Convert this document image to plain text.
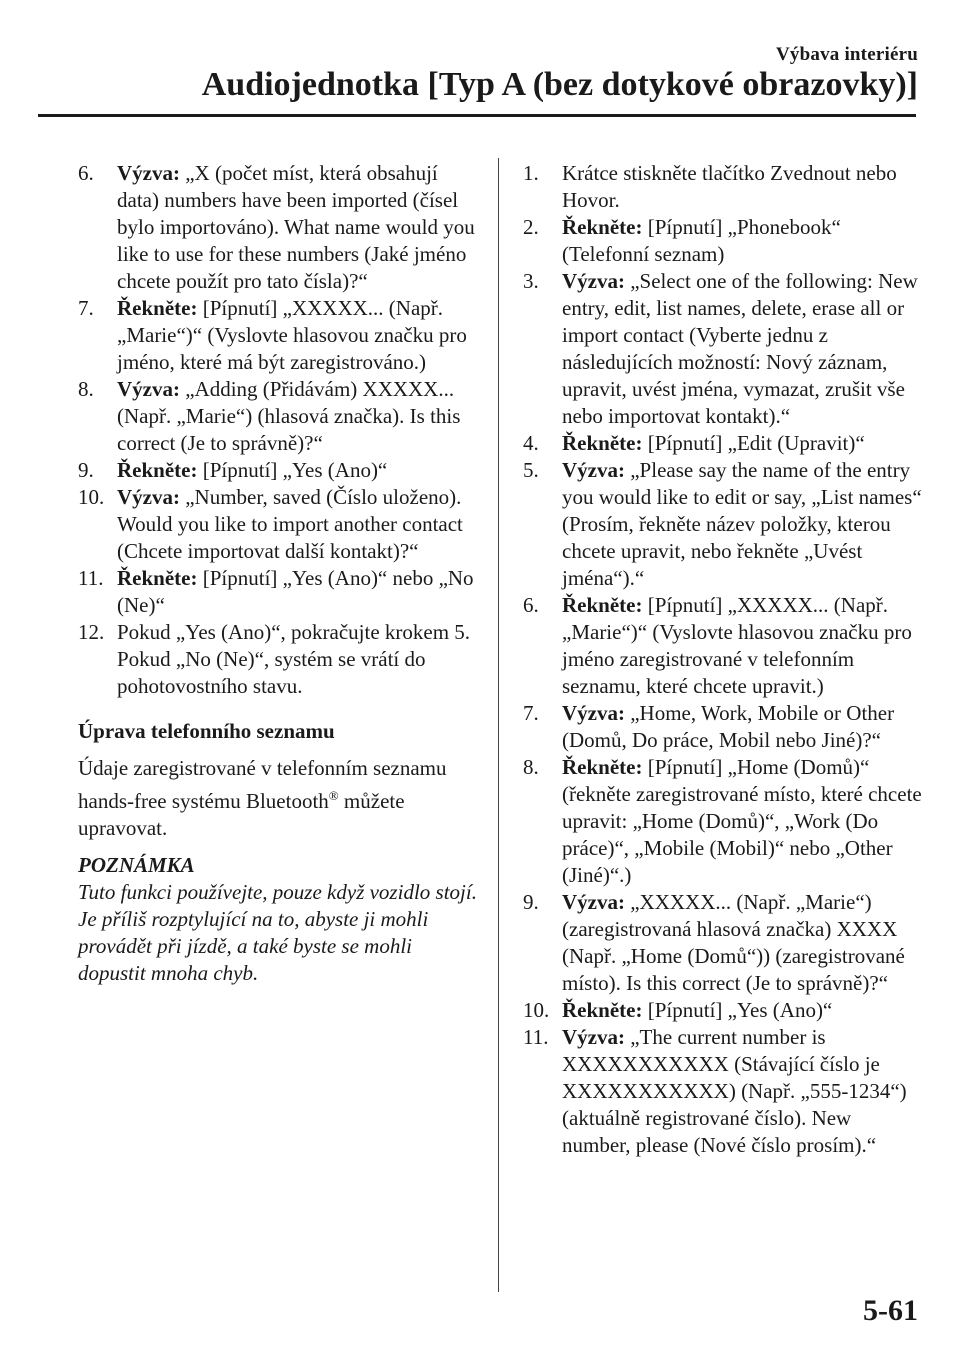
Výbava interiéru
Audiojednotka [Typ A (bez dotykové obrazovky)]
6.	Výzva: „X (počet míst, která obsahují data) numbers have been imported (čísel bylo importováno). What name would you like to use for these numbers (Jaké jméno chcete použít pro tato čísla)?“
7.	Řekněte: [Pípnutí] „XXXXX... (Např. „Marie“)“ (Vyslovte hlasovou značku pro jméno, které má být zaregistrováno.)
8.	Výzva: „Adding (Přidávám) XXXXX... (Např. „Marie“) (hlasová značka). Is this correct (Je to správně)?“
9.	Řekněte: [Pípnutí] „Yes (Ano)“
10. Výzva: „Number, saved (Číslo uloženo). Would you like to import another contact (Chcete importovat další kontakt)?“
11. Řekněte: [Pípnutí] „Yes (Ano)“ nebo „No (Ne)“
12. Pokud „Yes (Ano)“, pokračujte krokem 5.
Pokud „No (Ne)“, systém se vrátí do pohotovostního stavu.
Úprava telefonního seznamu
Údaje zaregistrované v telefonním seznamu hands-free systému Bluetooth® můžete upravovat.
POZNÁMKA
Tuto funkci používejte, pouze když vozidlo stojí. Je příliš rozptylující na to, abyste ji mohli provádět při jízdě, a také byste se mohli dopustit mnoha chyb.
1.	Krátce stiskněte tlačítko Zvednout nebo Hovor.
2.	Řekněte: [Pípnutí] „Phonebook“ (Telefonní seznam)
3.	Výzva: „Select one of the following: New entry, edit, list names, delete, erase all or import contact (Vyberte jednu z následujících možností: Nový záznam, upravit, uvést jména, vymazat, zrušit vše nebo importovat kontakt).“
4.	Řekněte: [Pípnutí] „Edit (Upravit)“
5.	Výzva: „Please say the name of the entry you would like to edit or say, „List names“ (Prosím, řekněte název položky, kterou chcete upravit, nebo řekněte „Uvést jména“).“
6.	Řekněte: [Pípnutí] „XXXXX... (Např. „Marie“)“ (Vyslovte hlasovou značku pro jméno zaregistrované v telefonním seznamu, které chcete upravit.)
7.	Výzva: „Home, Work, Mobile or Other (Domů, Do práce, Mobil nebo Jiné)?“
8.	Řekněte: [Pípnutí] „Home (Domů)“ (řekněte zaregistrované místo, které chcete upravit: „Home (Domů)“, „Work (Do práce)“, „Mobile (Mobil)“ nebo „Other (Jiné)“.)
9.	Výzva: „XXXXX... (Např. „Marie“) (zaregistrovaná hlasová značka) XXXX (Např. „Home (Domů“)) (zaregistrované místo). Is this correct (Je to správně)?“
10. Řekněte: [Pípnutí] „Yes (Ano)“
11. Výzva: „The current number is XXXXXXXXXXX (Stávající číslo je XXXXXXXXXXX) (Např. „555-1234“) (aktuálně registrované číslo). New number, please (Nové číslo prosím).“
5-61
